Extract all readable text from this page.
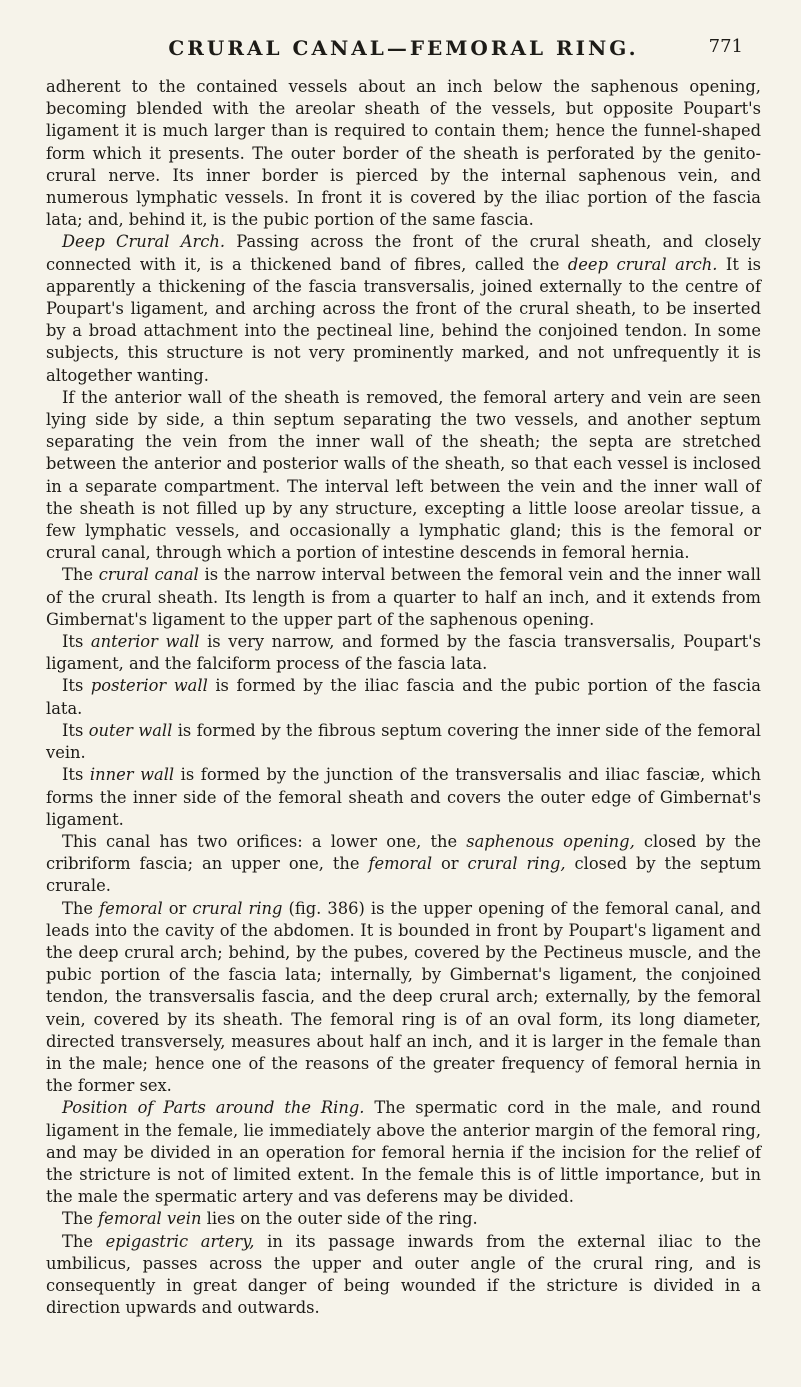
CRURAL CANAL—FEMORAL RING.	771

adherent to the contained vessels about an inch below the saphenous opening, becoming blended with the areolar sheath of the vessels, but opposite Poupart's ligament it is much larger than is required to contain them; hence the funnel-shaped form which it presents. The outer border of the sheath is perforated by the genito-crural nerve. Its inner border is pierced by the internal saphenous vein, and numerous lymphatic vessels. In front it is covered by the iliac portion of the fascia lata; and, behind it, is the pubic portion of the same fascia.

Deep Crural Arch. Passing across the front of the crural sheath, and closely connected with it, is a thickened band of fibres, called the deep crural arch. It is apparently a thickening of the fascia transversalis, joined externally to the centre of Poupart's ligament, and arching across the front of the crural sheath, to be inserted by a broad attachment into the pectineal line, behind the conjoined tendon. In some subjects, this structure is not very prominently marked, and not unfrequently it is altogether wanting.

If the anterior wall of the sheath is removed, the femoral artery and vein are seen lying side by side, a thin septum separating the two vessels, and another septum separating the vein from the inner wall of the sheath; the septa are stretched between the anterior and posterior walls of the sheath, so that each vessel is inclosed in a separate compartment. The interval left between the vein and the inner wall of the sheath is not filled up by any structure, excepting a little loose areolar tissue, a few lymphatic vessels, and occasionally a lymphatic gland; this is the femoral or crural canal, through which a portion of intestine descends in femoral hernia.

The crural canal is the narrow interval between the femoral vein and the inner wall of the crural sheath. Its length is from a quarter to half an inch, and it extends from Gimbernat's ligament to the upper part of the saphenous opening.

Its anterior wall is very narrow, and formed by the fascia transversalis, Poupart's ligament, and the falciform process of the fascia lata.

Its posterior wall is formed by the iliac fascia and the pubic portion of the fascia lata.

Its outer wall is formed by the fibrous septum covering the inner side of the femoral vein.

Its inner wall is formed by the junction of the transversalis and iliac fasciæ, which forms the inner side of the femoral sheath and covers the outer edge of Gimbernat's ligament.

This canal has two orifices: a lower one, the saphenous opening, closed by the cribriform fascia; an upper one, the femoral or crural ring, closed by the septum crurale.

The femoral or crural ring (fig. 386) is the upper opening of the femoral canal, and leads into the cavity of the abdomen. It is bounded in front by Poupart's ligament and the deep crural arch; behind, by the pubes, covered by the Pectineus muscle, and the pubic portion of the fascia lata; internally, by Gimbernat's ligament, the conjoined tendon, the transversalis fascia, and the deep crural arch; externally, by the femoral vein, covered by its sheath. The femoral ring is of an oval form, its long diameter, directed transversely, measures about half an inch, and it is larger in the female than in the male; hence one of the reasons of the greater frequency of femoral hernia in the former sex.

Position of Parts around the Ring. The spermatic cord in the male, and round ligament in the female, lie immediately above the anterior margin of the femoral ring, and may be divided in an operation for femoral hernia if the incision for the relief of the stricture is not of limited extent. In the female this is of little importance, but in the male the spermatic artery and vas deferens may be divided.

The femoral vein lies on the outer side of the ring.

The epigastric artery, in its passage inwards from the external iliac to the umbilicus, passes across the upper and outer angle of the crural ring, and is consequently in great danger of being wounded if the stricture is divided in a direction upwards and outwards.
